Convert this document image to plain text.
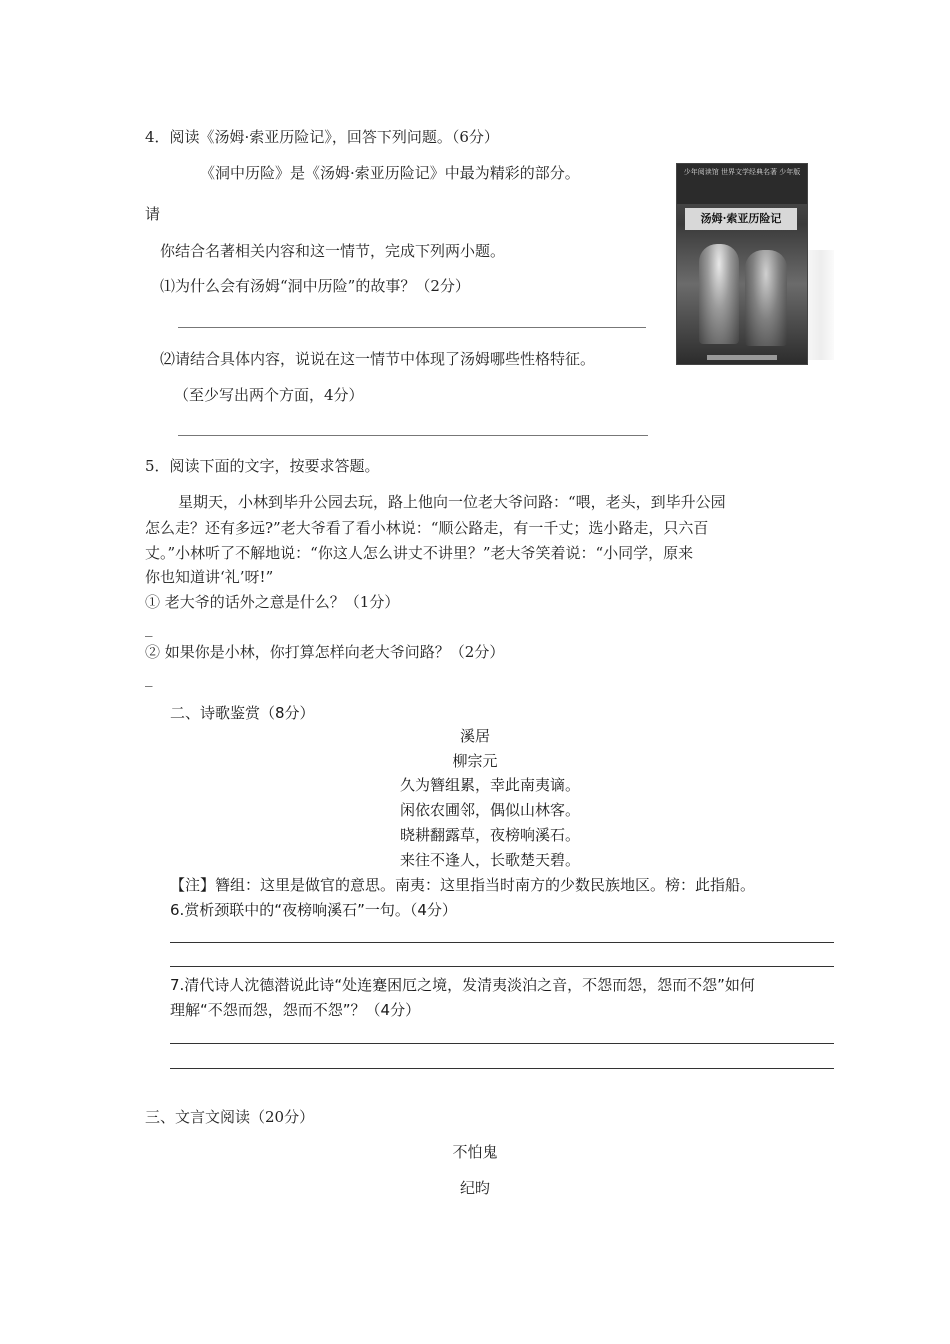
4．阅读《汤姆·索亚历险记》，回答下列问题。（6分）
《洞中历险》是《汤姆·索亚历险记》中最为精彩的部分。
请
你结合名著相关内容和这一情节，完成下列两小题。
⑴为什么会有汤姆“洞中历险”的故事？（2分）
⑵请结合具体内容，说说在这一情节中体现了汤姆哪些性格特征。
（至少写出两个方面，4分）
少年阅读馆 世界文学经典名著 少年版
汤姆·索亚历险记
5．阅读下面的文字，按要求答题。
星期天，小林到毕升公园去玩，路上他向一位老大爷问路：“喂，老头，到毕升公园
怎么走？还有多远?”老大爷看了看小林说：“顺公路走，有一千丈；选小路走，只六百
丈。”小林听了不解地说：“你这人怎么讲丈不讲里？”老大爷笑着说：“小同学，原来
你也知道讲‘礼’呀!”
① 老大爷的话外之意是什么？（1分）
_
② 如果你是小林，你打算怎样向老大爷问路？（2分）
_
二、诗歌鉴赏（8分）
溪居
柳宗元
久为簪组累，幸此南夷谪。
闲依农圃邻，偶似山林客。
晓耕翻露草，夜榜响溪石。
来往不逢人，长歌楚天碧。
【注】簪组：这里是做官的意思。南夷：这里指当时南方的少数民族地区。榜：此指船。
6.赏析颈联中的“夜榜响溪石”一句。（4分）
7.清代诗人沈德潜说此诗“处连蹇困厄之境，发清夷淡泊之音，不怨而怨，怨而不怨”如何
理解“不怨而怨，怨而不怨”？（4分）
三、文言文阅读（20分）
不怕鬼
纪昀
